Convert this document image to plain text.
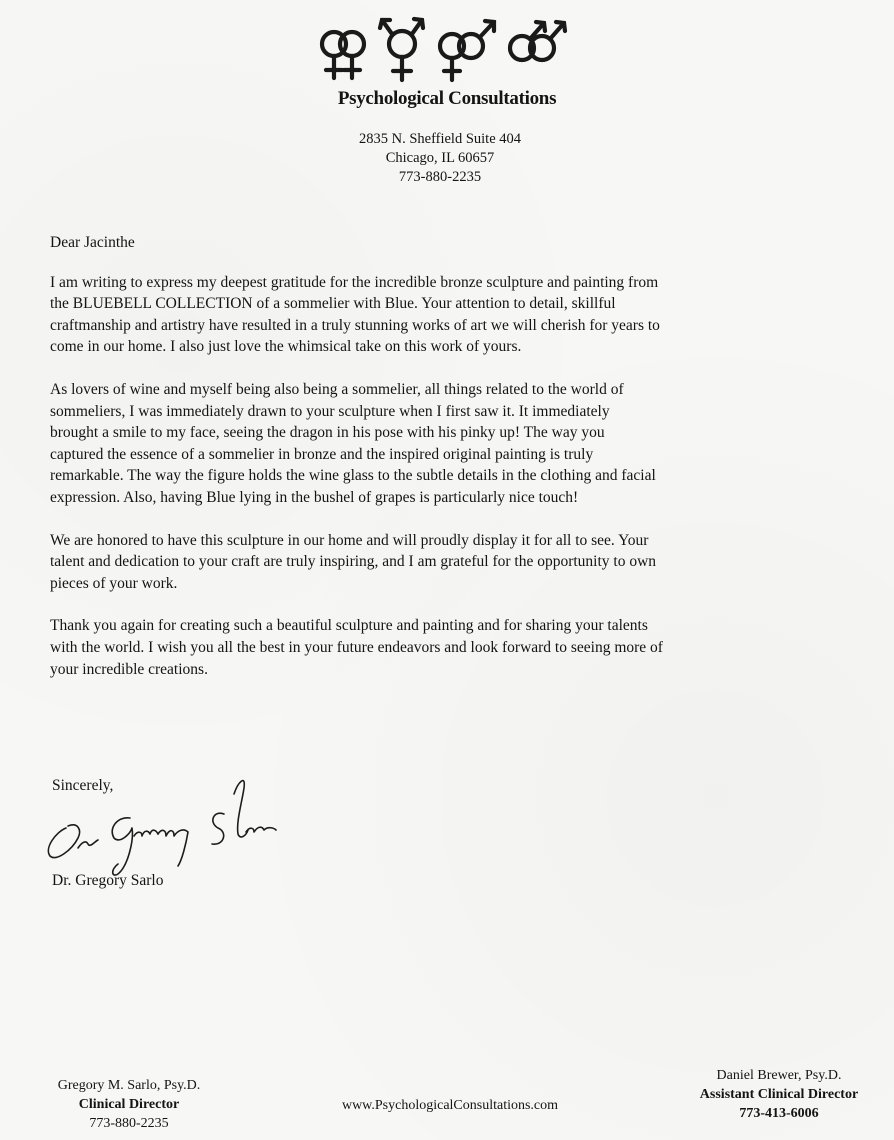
Psychological Consultations
2835 N. Sheffield Suite 404
Chicago, IL 60657
773-880-2235
Dear Jacinthe
I am writing to express my deepest gratitude for the incredible bronze sculpture and painting from
the BLUEBELL COLLECTION of a sommelier with Blue. Your attention to detail, skillful
craftmanship and artistry have resulted in a truly stunning works of art we will cherish for years to
come in our home. I also just love the whimsical take on this work of yours.
As lovers of wine and myself being also being a sommelier, all things related to the world of
sommeliers, I was immediately drawn to your sculpture when I first saw it. It immediately
brought a smile to my face, seeing the dragon in his pose with his pinky up! The way you
captured the essence of a sommelier in bronze and the inspired original painting is truly
remarkable. The way the figure holds the wine glass to the subtle details in the clothing and facial
expression. Also, having Blue lying in the bushel of grapes is particularly nice touch!
We are honored to have this sculpture in our home and will proudly display it for all to see. Your
talent and dedication to your craft are truly inspiring, and I am grateful for the opportunity to own
pieces of your work.
Thank you again for creating such a beautiful sculpture and painting and for sharing your talents
with the world. I wish you all the best in your future endeavors and look forward to seeing more of
your incredible creations.
Sincerely,
Dr. Gregory Sarlo
Gregory M. Sarlo, Psy.D.
Clinical Director
773-880-2235
www.PsychologicalConsultations.com
Daniel Brewer, Psy.D.
Assistant Clinical Director
773-413-6006
